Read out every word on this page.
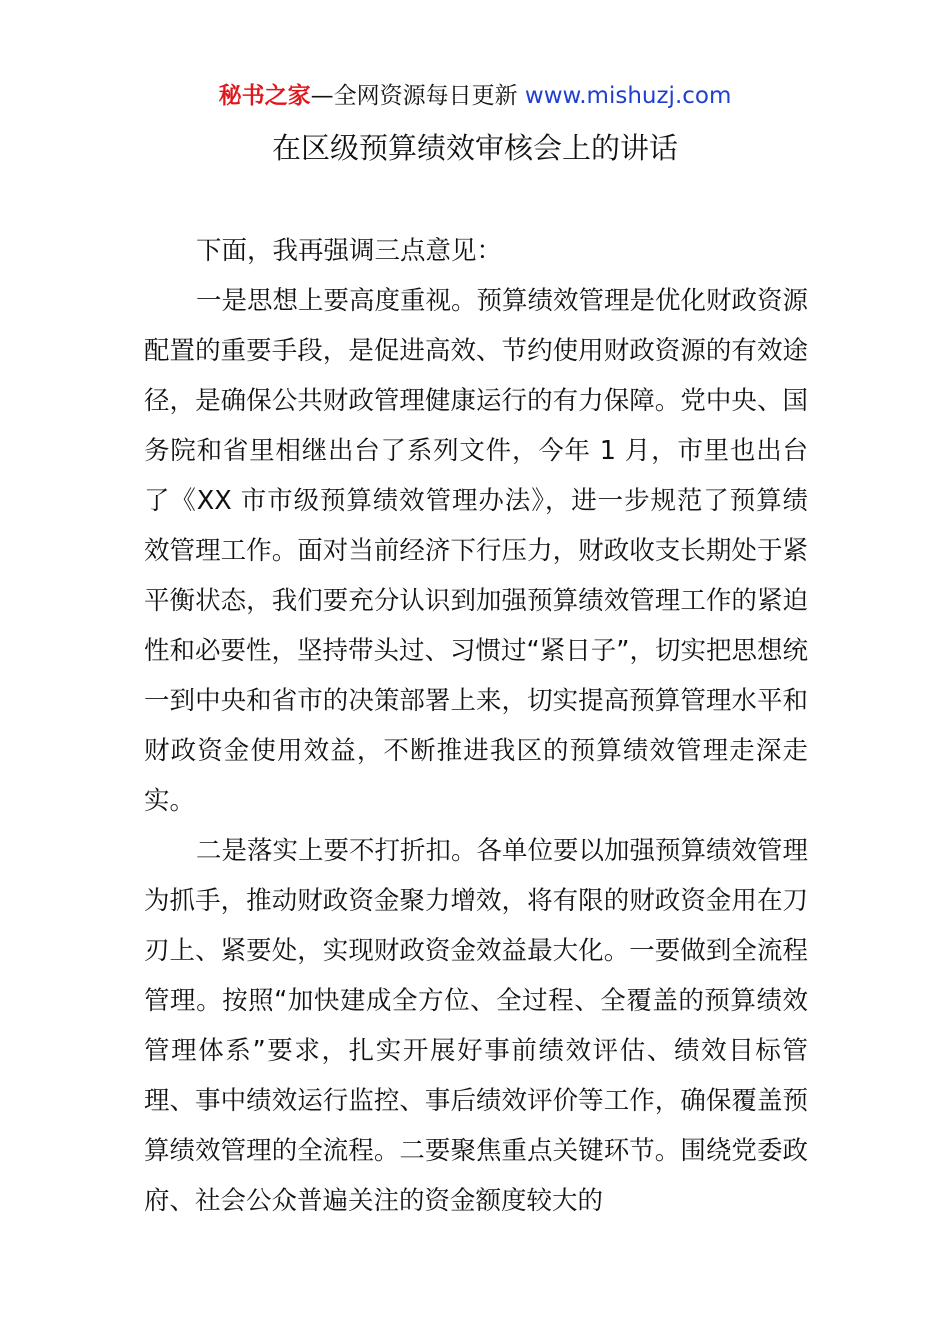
秘书之家—全网资源每日更新 www.mishuzj.com
在区级预算绩效审核会上的讲话

下面，我再强调三点意见：

一是思想上要高度重视。预算绩效管理是优化财政资源配置的重要手段，是促进高效、节约使用财政资源的有效途径，是确保公共财政管理健康运行的有力保障。党中央、国务院和省里相继出台了系列文件，今年 1 月，市里也出台了《XX 市市级预算绩效管理办法》，进一步规范了预算绩效管理工作。面对当前经济下行压力，财政收支长期处于紧平衡状态，我们要充分认识到加强预算绩效管理工作的紧迫性和必要性，坚持带头过、习惯过“紧日子”，切实把思想统一到中央和省市的决策部署上来，切实提高预算管理水平和财政资金使用效益，不断推进我区的预算绩效管理走深走实。

二是落实上要不打折扣。各单位要以加强预算绩效管理为抓手，推动财政资金聚力增效，将有限的财政资金用在刀刃上、紧要处，实现财政资金效益最大化。一要做到全流程管理。按照“加快建成全方位、全过程、全覆盖的预算绩效管理体系”要求，扎实开展好事前绩效评估、绩效目标管理、事中绩效运行监控、事后绩效评价等工作，确保覆盖预算绩效管理的全流程。二要聚焦重点关键环节。围绕党委政府、社会公众普遍关注的资金额度较大的
